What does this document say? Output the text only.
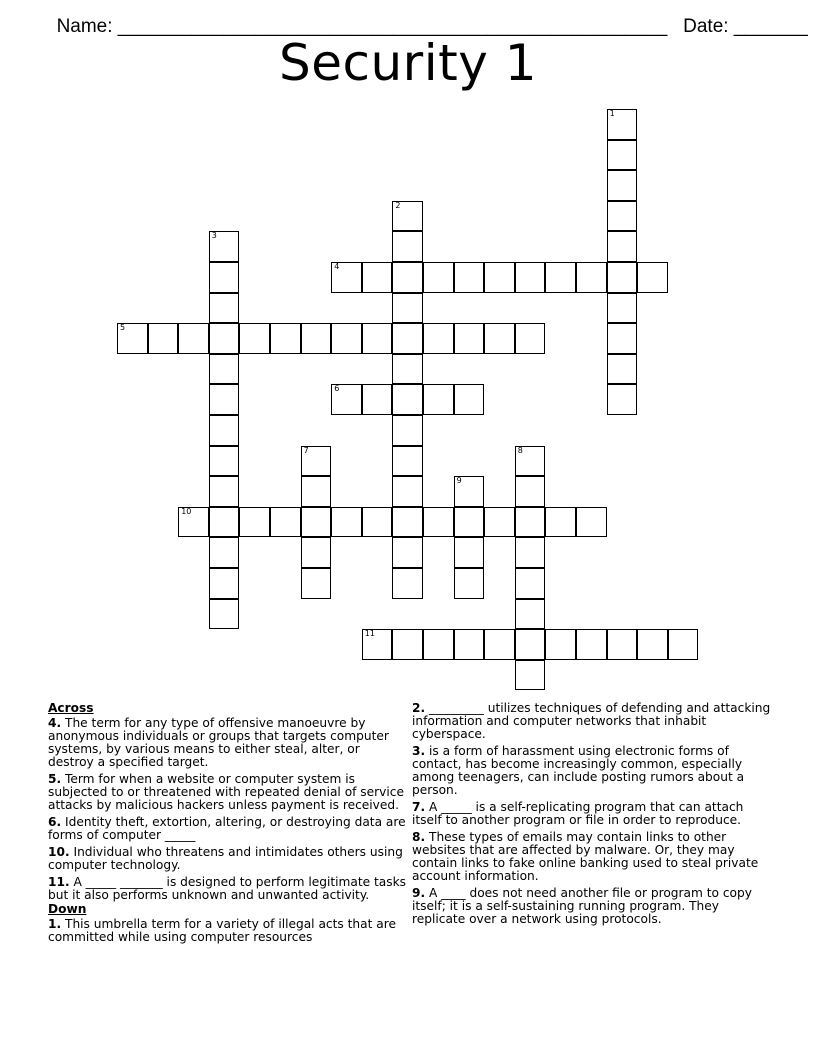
Name: ____________________________________________________ Date: _______

Security 1
1
2
3
4
5
6
7	8
9
10
11
Across
4. The term for any type of offensive manoeuvre by anonymous individuals or groups that targets computer systems, by various means to either steal, alter, or destroy a specified target.
5. Term for when a website or computer system is subjected to or threatened with repeated denial of service attacks by malicious hackers unless payment is received.
6. Identity theft, extortion, altering, or destroying data are forms of computer _____
10. Individual who threatens and intimidates others using computer technology.
11. A _____ _______ is designed to perform legitimate tasks but it also performs unknown and unwanted activity.
Down
1. This umbrella term for a variety of illegal acts that are committed while using computer resources
2. _________ utilizes techniques of defending and attacking information and computer networks that inhabit cyberspace.
3. is a form of harassment using electronic forms of contact, has become increasingly common, especially among teenagers, can include posting rumors about a person.
7. A _____ is a self-replicating program that can attach itself to another program or file in order to reproduce.
8. These types of emails may contain links to other websites that are affected by malware. Or, they may contain links to fake online banking used to steal private account information.
9. A ____ does not need another file or program to copy itself; it is a self-sustaining running program. They replicate over a network using protocols.
